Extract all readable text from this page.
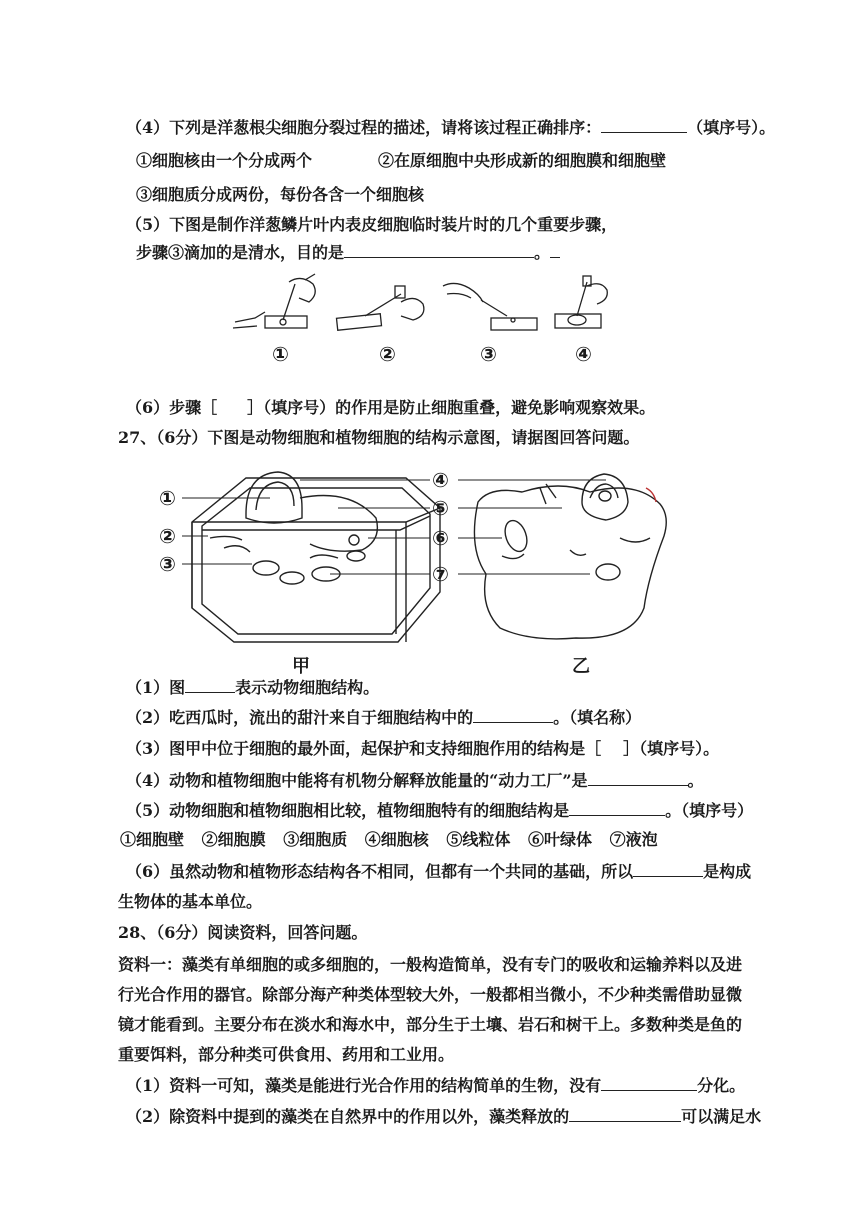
（4）下列是洋葱根尖细胞分裂过程的描述，请将该过程正确排序：	（填序号）。
①细胞核由一个分成两个	②在原细胞中央形成新的细胞膜和细胞壁
③细胞质分成两份，每份各含一个细胞核
（5）下图是制作洋葱鳞片叶内表皮细胞临时装片时的几个重要步骤，
步骤③滴加的是清水，目的是	。
①	②	③	④
（6）步骤［ ］（填序号）的作用是防止细胞重叠，避免影响观察效果。
27、（6分）下图是动物细胞和植物细胞的结构示意图，请据图回答问题。
①
②
③
④
⑤
⑥
⑦
甲	乙
（1）图	表示动物细胞结构。
（2）吃西瓜时，流出的甜汁来自于细胞结构中的	。（填名称）
（3）图甲中位于细胞的最外面，起保护和支持细胞作用的结构是［ ］（填序号）。
（4）动物和植物细胞中能将有机物分解释放能量的“动力工厂”是	。
（5）动物细胞和植物细胞相比较，植物细胞特有的细胞结构是	。（填序号）
①细胞壁 ②细胞膜 ③细胞质 ④细胞核 ⑤线粒体 ⑥叶绿体 ⑦液泡
（6）虽然动物和植物形态结构各不相同，但都有一个共同的基础，所以	是构成
生物体的基本单位。
28、（6分）阅读资料，回答问题。
资料一：藻类有单细胞的或多细胞的，一般构造简单，没有专门的吸收和运输养料以及进
行光合作用的器官。除部分海产种类体型较大外，一般都相当微小，不少种类需借助显微
镜才能看到。主要分布在淡水和海水中，部分生于土壤、岩石和树干上。多数种类是鱼的
重要饵料，部分种类可供食用、药用和工业用。
（1）资料一可知，藻类是能进行光合作用的结构简单的生物，没有	分化。
（2）除资料中提到的藻类在自然界中的作用以外，藻类释放的	可以满足水
